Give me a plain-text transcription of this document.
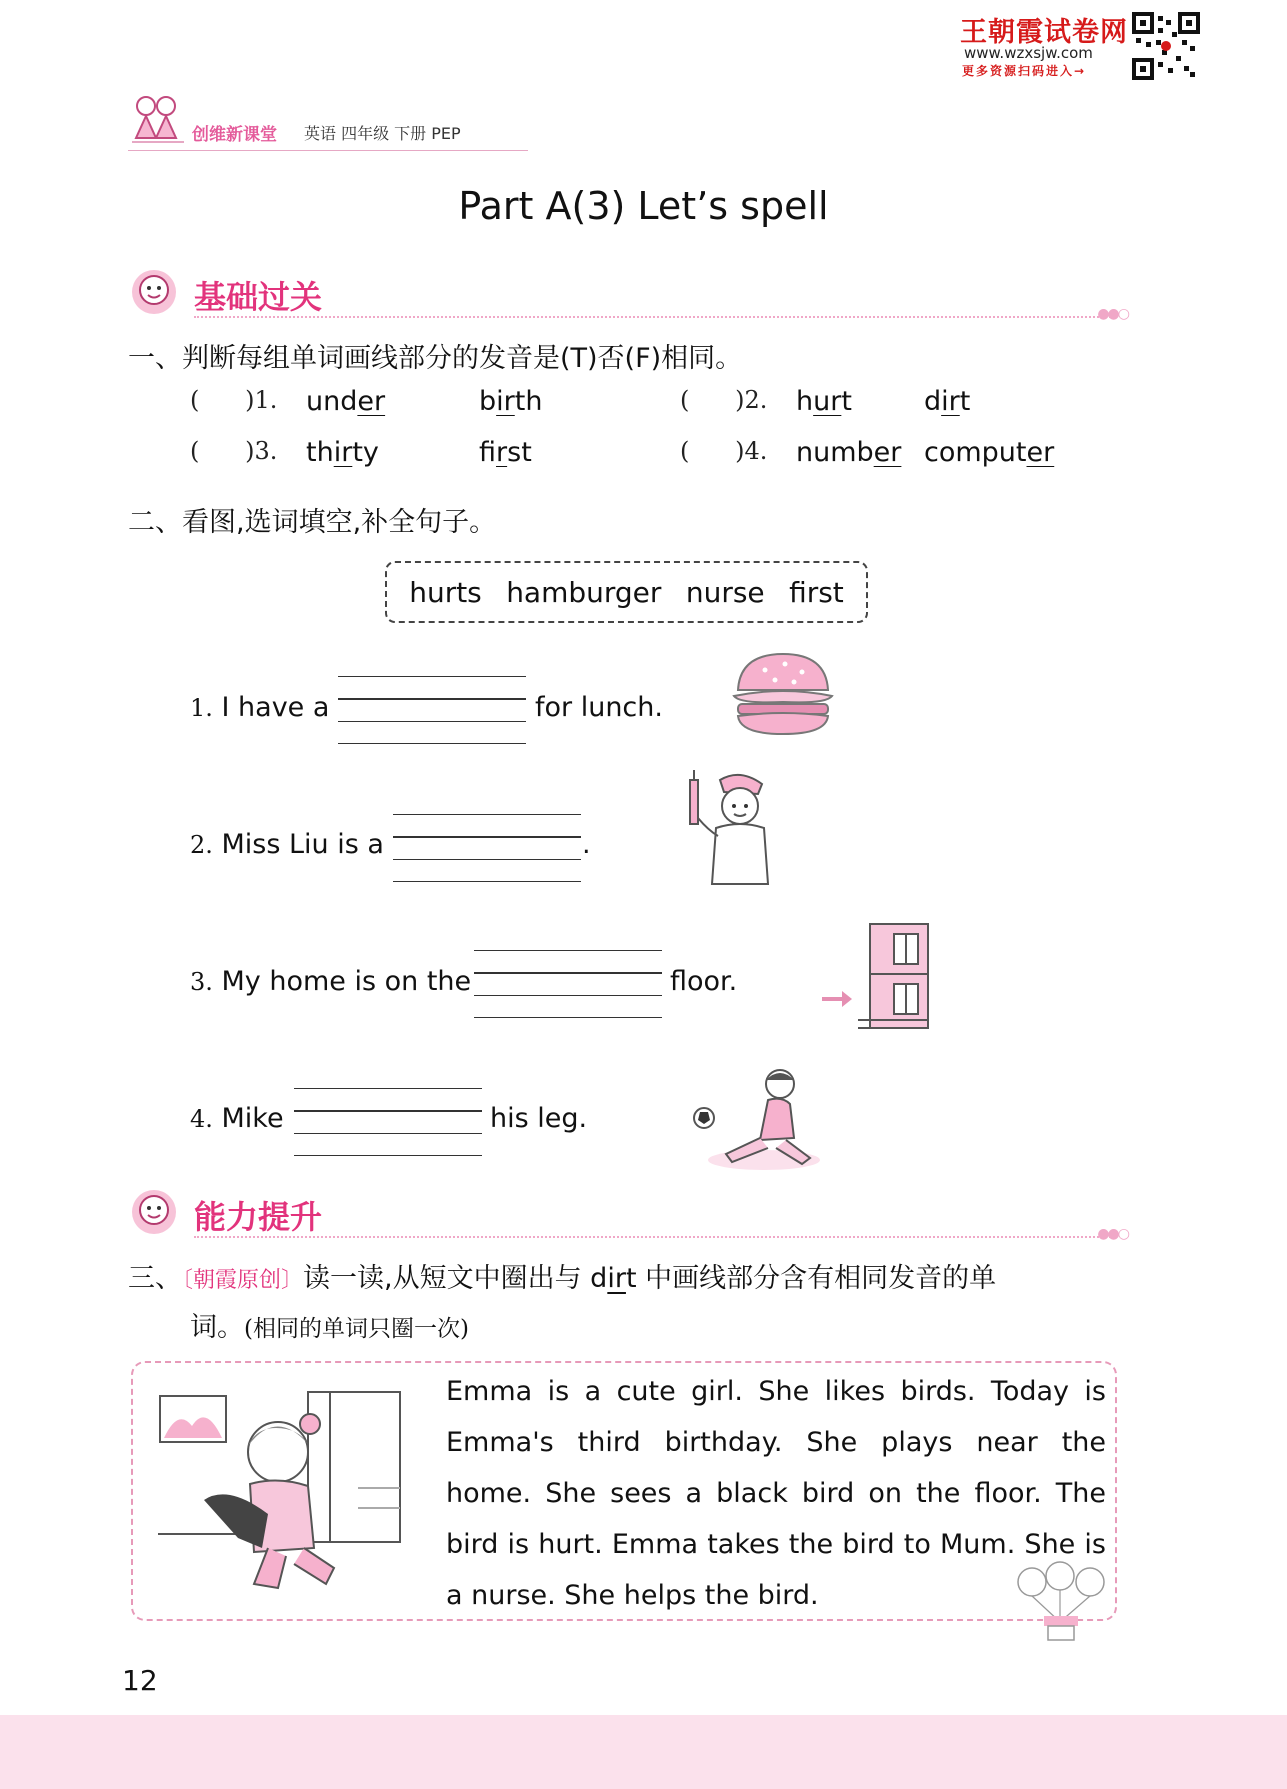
王朝霞试卷网
www.wzxsjw.com
更多资源扫码进入→
创维新课堂 英语 四年级 下册 PEP
Part A(3) Let’s spell
基础过关	●●○
一、判断每组单词画线部分的发音是(T)否(F)相同。
(      )1. under	birth	(      )2. hurt	dirt
(      )3. thirty	first	(      )4. number computer
二、看图,选词填空,补全句子。
hurts hamburger nurse first
1. I have a	for lunch.
2. Miss Liu is a	.
3. My home is on the	floor.
4. Mike	his leg.
能力提升	●●○
三、〔朝霞原创〕读一读,从短文中圈出与 dirt 中画线部分含有相同发音的单
词。(相同的单词只圈一次)
Emma is a cute girl. She likes birds. Today is Emma's third birthday. She plays near the home. She sees a black bird on the floor. The bird is hurt. Emma takes the bird to Mum. She is a nurse. She helps the bird.
12
